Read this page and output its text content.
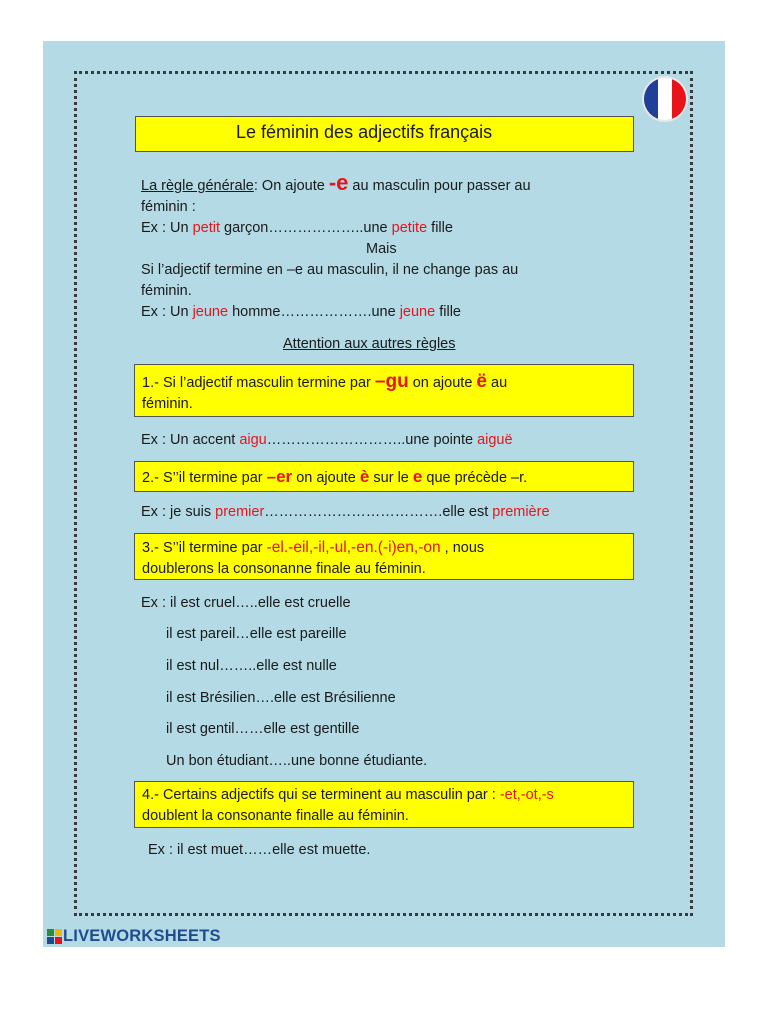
Le féminin des adjectifs français
La règle générale: On ajoute -e au masculin pour passer au
féminin :
Ex : Un petit garçon………………..une petite fille
Mais
Si l’adjectif termine en –e au masculin, il ne change pas au
féminin.
Ex : Un jeune homme……………….une jeune fille
Attention aux autres règles
1.- Si l’adjectif masculin termine par –gu on ajoute ë au
féminin.
Ex : Un accent aigu………………………..une pointe aiguë
2.- S’’il termine par –er on ajoute è sur le e que précède –r.
Ex : je suis premier……………………………….elle est première
3.- S’’il termine par -el.-eil,-il,-ul,-en.(-i)en,-on , nous
doublerons la consonanne finale au féminin.
Ex : il est cruel…..elle est cruelle
il est pareil…elle est pareille
il est nul……..elle est nulle
il est Brésilien….elle est Brésilienne
il est gentil……elle est gentille
Un bon étudiant…..une bonne étudiante.
4.- Certains adjectifs qui se terminent au masculin par : -et,-ot,-s
doublent la consonante finalle au féminin.
Ex : il est muet……elle est muette.
LIVEWORKSHEETS
